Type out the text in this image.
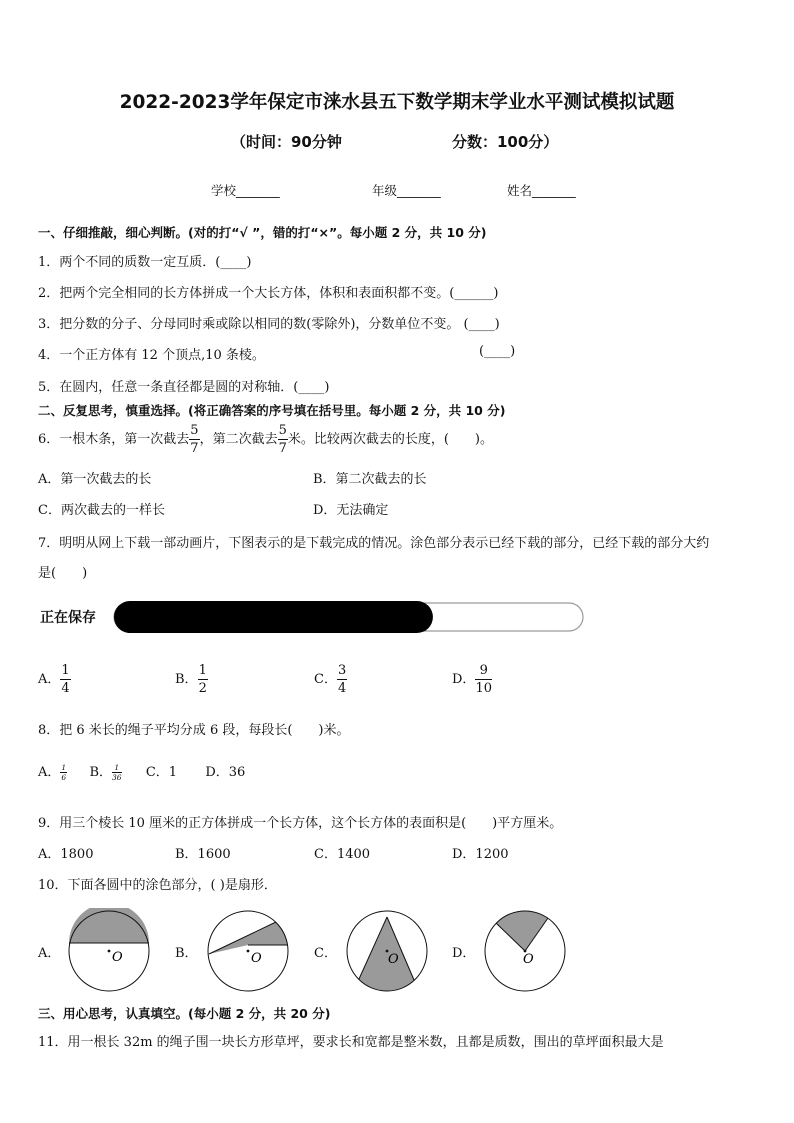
2022-2023学年保定市涞水县五下数学期末学业水平测试模拟试题
（时间：90分钟	分数：100分）
学校_______	年级_______	姓名_______
一、仔细推敲，细心判断。(对的打“√ ”，错的打“×”。每小题 2 分，共 10 分)
1．两个不同的质数一定互质．(____)
2．把两个完全相同的长方体拼成一个大长方体，体积和表面积都不变。(______)
3．把分数的分子、分母同时乘或除以相同的数(零除外)，分数单位不变。 (____)
4．一个正方体有 12 个顶点,10 条棱。	(____)
5．在圆内，任意一条直径都是圆的对称轴．(____)
二、反复思考，慎重选择。(将正确答案的序号填在括号里。每小题 2 分，共 10 分)
6．一根木条，第一次截去 $\frac{5}{7}$ ，第二次截去 $\frac{5}{7}$ 米。比较两次截去的长度，(　　)。
A．第一次截去的长	B．第二次截去的长
C．两次截去的一样长	D．无法确定
7．明明从网上下载一部动画片，下图表示的是下载完成的情况。涂色部分表示已经下载的部分，已经下载的部分大约
是(　　)
正在保存
A． $\frac{1}{4}$	B． $\frac{1}{2}$	C． $\frac{3}{4}$	D． $\frac{9}{10}$
8．把 6 米长的绳子平均分成 6 段，每段长(　　)米。
A． $\frac{1}{6}$ B． $\frac{1}{36}$ C．1 D．36
9．用三个棱长 10 厘米的正方体拼成一个长方体，这个长方体的表面积是(　　)平方厘米。
A．1800	B．1600	C．1400	D．1200
10．下面各圆中的涂色部分，( )是扇形．
A．	O	B．	O	C．	O	D．	O
三、用心思考，认真填空。(每小题 2 分，共 20 分)
11．用一根长 32m 的绳子围一块长方形草坪，要求长和宽都是整米数，且都是质数，围出的草坪面积最大是
